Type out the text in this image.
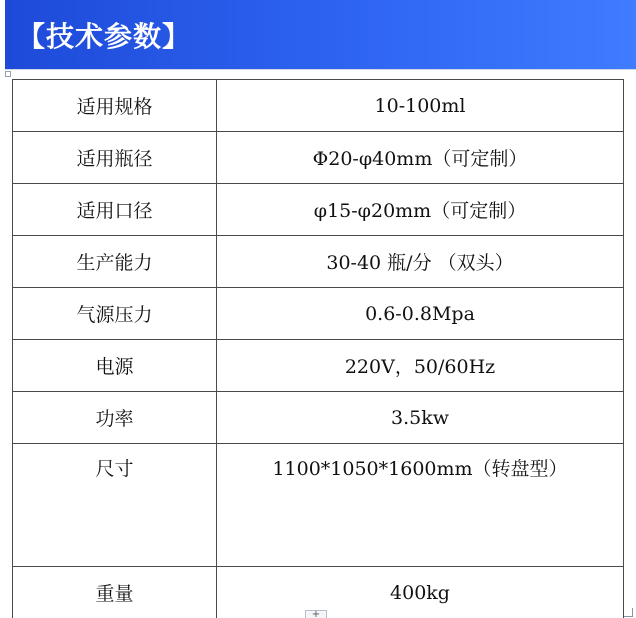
【技术参数】
适用规格	10-100ml
适用瓶径	Φ20-φ40mm（可定制）
适用口径	φ15-φ20mm（可定制）
生产能力	30-40 瓶/分 （双头）
气源压力	0.6-0.8Mpa
电源	220V，50/60Hz
功率	3.5kw
尺寸	1100*1050*1600mm（转盘型）
重量	400kg
+
